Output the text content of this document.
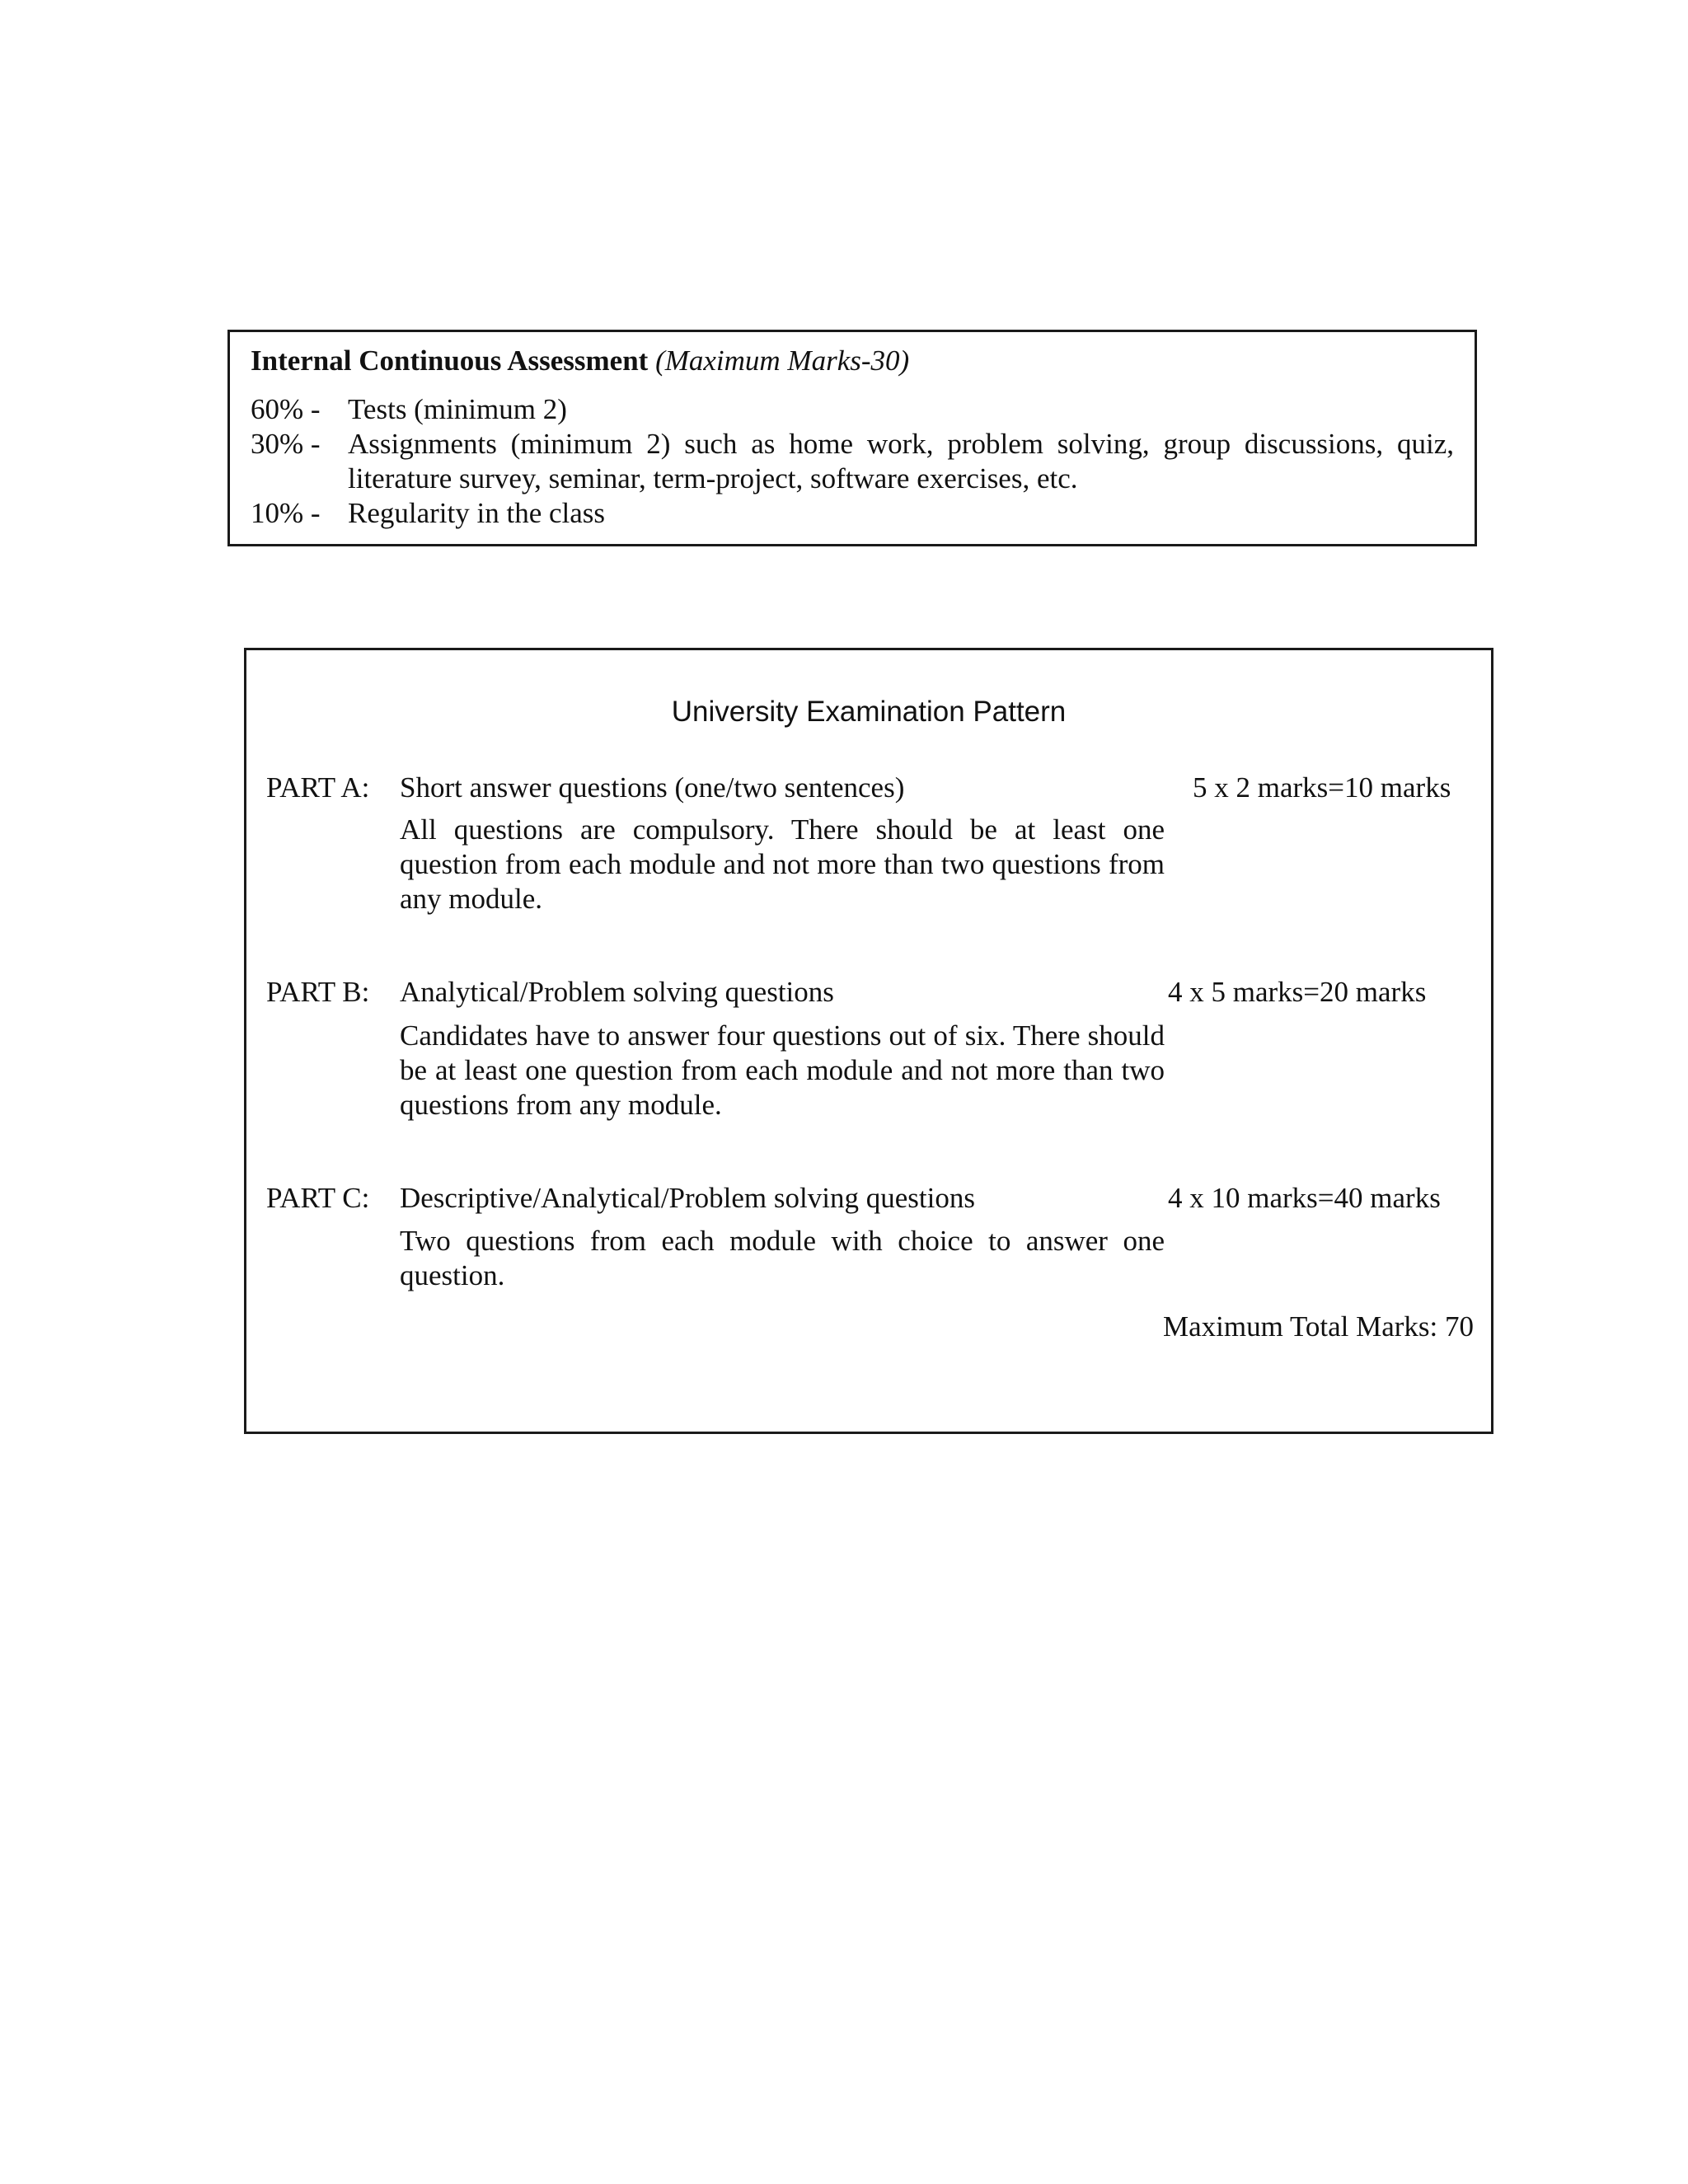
Internal Continuous Assessment (Maximum Marks-30)
60% - Tests (minimum 2)
30% - Assignments (minimum 2) such as home work, problem solving, group discussions, quiz, literature survey, seminar, term-project, software exercises, etc.
10% - Regularity in the class
University Examination Pattern
PART A: Short answer questions (one/two sentences)	5 x 2 marks=10 marks
All questions are compulsory. There should be at least one question from each module and not more than two questions from any module.
PART B: Analytical/Problem solving questions	4 x 5 marks=20 marks
Candidates have to answer four questions out of six. There should be at least one question from each module and not more than two questions from any module.
PART C: Descriptive/Analytical/Problem solving questions	4 x 10 marks=40 marks
Two questions from each module with choice to answer one question.
Maximum Total Marks: 70
